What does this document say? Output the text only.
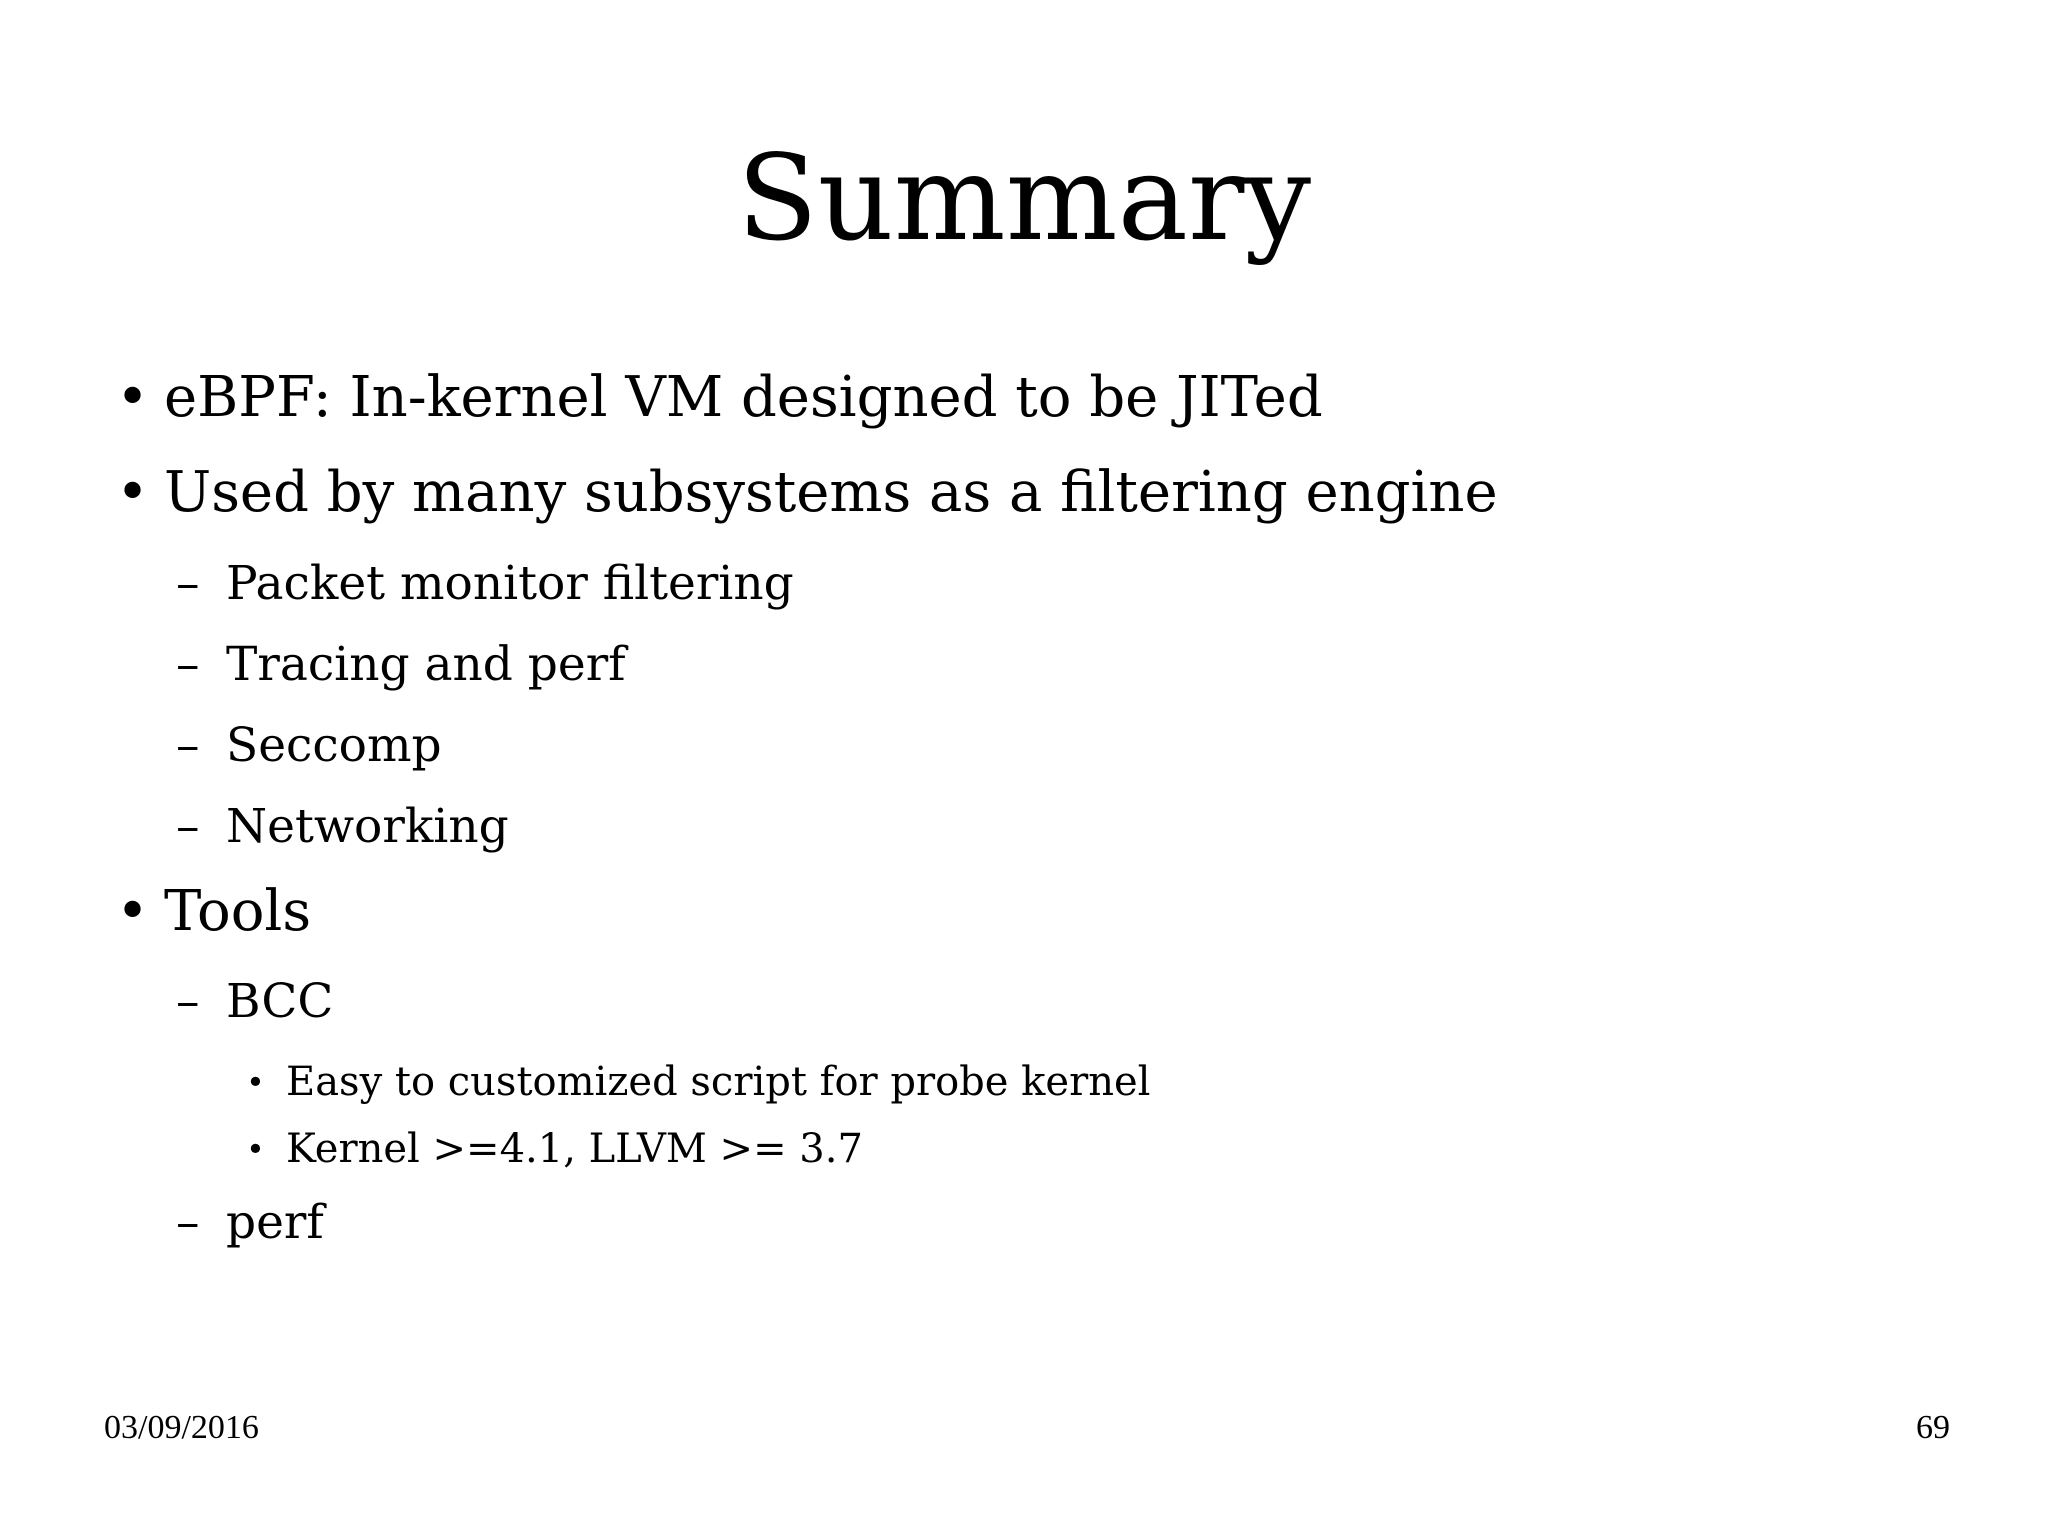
Summary
• eBPF: In-kernel VM designed to be JITed
• Used by many subsystems as a filtering engine
– Packet monitor filtering
– Tracing and perf
– Seccomp
– Networking
• Tools
– BCC
• Easy to customized script for probe kernel
• Kernel >=4.1, LLVM >= 3.7
– perf
03/09/2016	69
